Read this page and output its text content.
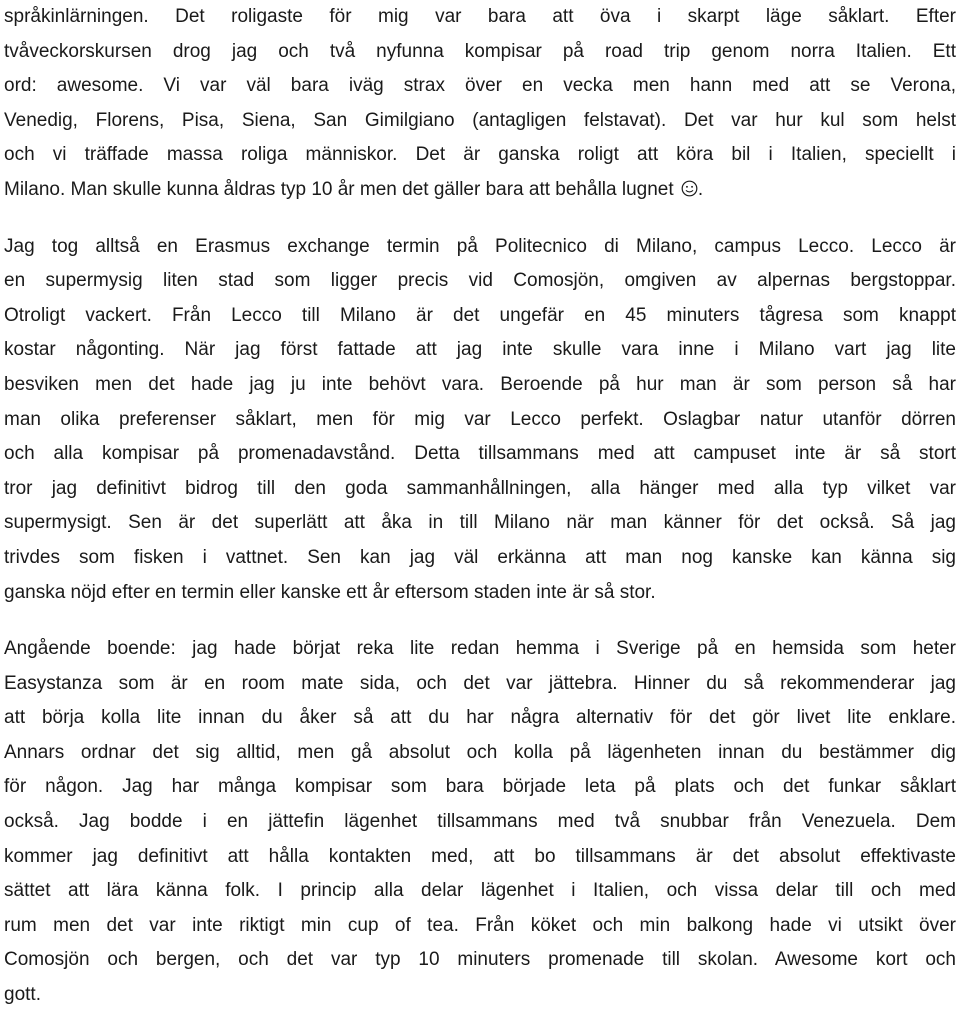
språkinlärningen. Det roligaste för mig var bara att öva i skarpt läge såklart. Efter
tvåveckorskursen drog jag och två nyfunna kompisar på road trip genom norra Italien. Ett
ord: awesome. Vi var väl bara iväg strax över en vecka men hann med att se Verona,
Venedig, Florens, Pisa, Siena, San Gimilgiano (antagligen felstavat). Det var hur kul som helst
och vi träffade massa roliga människor. Det är ganska roligt att köra bil i Italien, speciellt i
Milano. Man skulle kunna åldras typ 10 år men det gäller bara att behålla lugnet .
Jag tog alltså en Erasmus exchange termin på Politecnico di Milano, campus Lecco. Lecco är
en supermysig liten stad som ligger precis vid Comosjön, omgiven av alpernas bergstoppar.
Otroligt vackert. Från Lecco till Milano är det ungefär en 45 minuters tågresa som knappt
kostar någonting. När jag först fattade att jag inte skulle vara inne i Milano vart jag lite
besviken men det hade jag ju inte behövt vara. Beroende på hur man är som person så har
man olika preferenser såklart, men för mig var Lecco perfekt. Oslagbar natur utanför dörren
och alla kompisar på promenadavstånd. Detta tillsammans med att campuset inte är så stort
tror jag definitivt bidrog till den goda sammanhållningen, alla hänger med alla typ vilket var
supermysigt. Sen är det superlätt att åka in till Milano när man känner för det också. Så jag
trivdes som fisken i vattnet. Sen kan jag väl erkänna att man nog kanske kan känna sig
ganska nöjd efter en termin eller kanske ett år eftersom staden inte är så stor.
Angående boende: jag hade börjat reka lite redan hemma i Sverige på en hemsida som heter
Easystanza som är en room mate sida, och det var jättebra. Hinner du så rekommenderar jag
att börja kolla lite innan du åker så att du har några alternativ för det gör livet lite enklare.
Annars ordnar det sig alltid, men gå absolut och kolla på lägenheten innan du bestämmer dig
för någon. Jag har många kompisar som bara började leta på plats och det funkar såklart
också. Jag bodde i en jättefin lägenhet tillsammans med två snubbar från Venezuela. Dem
kommer jag definitivt att hålla kontakten med, att bo tillsammans är det absolut effektivaste
sättet att lära känna folk. I princip alla delar lägenhet i Italien, och vissa delar till och med
rum men det var inte riktigt min cup of tea. Från köket och min balkong hade vi utsikt över
Comosjön och bergen, och det var typ 10 minuters promenade till skolan. Awesome kort och
gott.
